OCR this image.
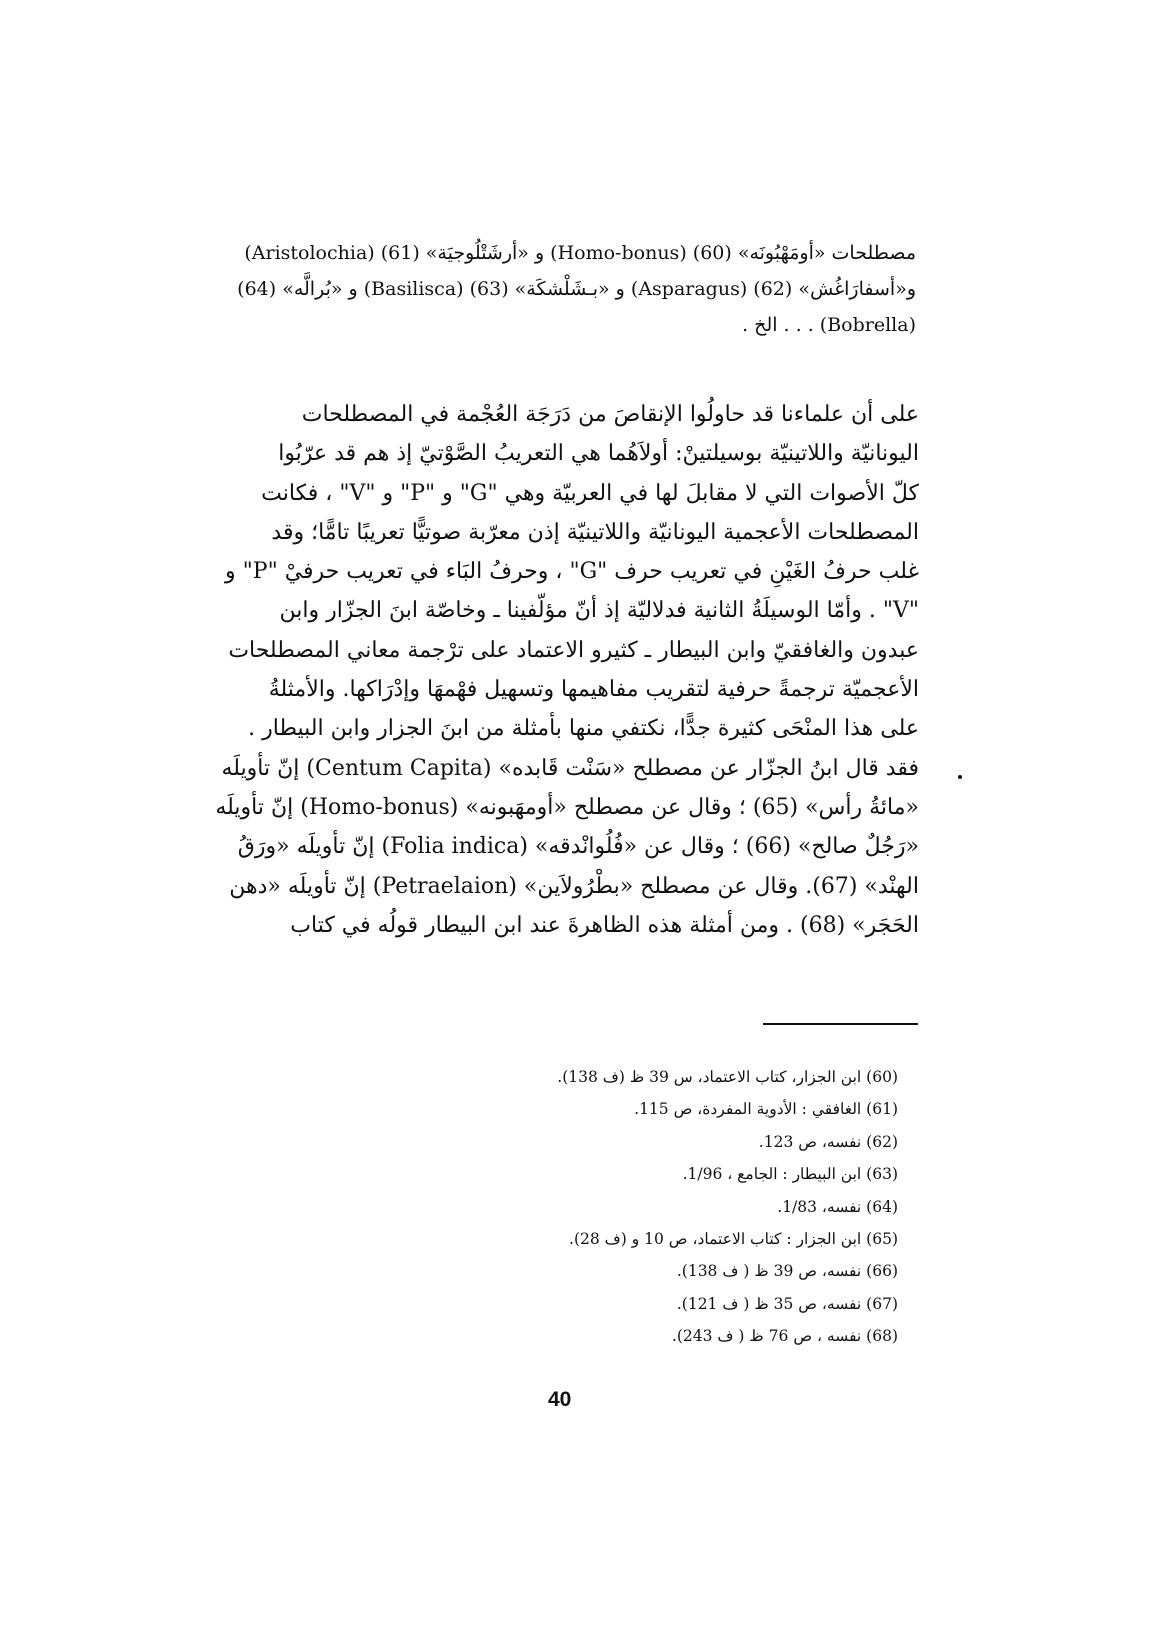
مصطلحات «أومَهْبُونَه» (60) (Homo-bonus) و «أرشَتْلُوجيَة» (61) (Aristolochia)
و«أسفارَاغُش» (62) (Asparagus) و «بـشَلْشكَة» (63) (Basilisca) و «بُرالَّه» (64)
(Bobrella) . . . الخ .
على أن علماءنا قد حاولُوا الإنقاصَ من دَرَجَة العُجْمة في المصطلحات
اليونانيّة واللاتينيّة بوسيلتينْ: أولاَهُما هي التعريبُ الصَّوْتيّ إذ هم قد عرّبُوا
كلّ الأصوات التي لا مقابلَ لها في العربيّة وهي "G" و "P" و "V" ، فكانت
المصطلحات الأعجمية اليونانيّة واللاتينيّة إذن معرّبة صوتيًّا تعريبًا تامًّا؛ وقد
غلب حرفُ الغَيْنِ في تعريب حرف "G" ، وحرفُ البَاء في تعريب حرفيْ "P" و
"V" . وأمّا الوسيلَةُ الثانية فدلاليّة إذ أنّ مؤلّفينا ـ وخاصّة ابنَ الجزّار وابن
عبدون والغافقيّ وابن البيطار ـ كثيرو الاعتماد على ترْجمة معاني المصطلحات
الأعجميّة ترجمةً حرفية لتقريب مفاهيمها وتسهيل فهْمهَا وإدْرَاكها. والأمثلةُ
على هذا المنْحَى كثيرة جدًّا، نكتفي منها بأمثلة من ابنَ الجزار وابن البيطار .
فقد قال ابنُ الجزّار عن مصطلح «سَنْت قَابده» (Centum Capita) إنّ تأويلَه
«مائةُ رأس» (65) ؛ وقال عن مصطلح «أومهَبونه» (Homo-bonus) إنّ تأويلَه
«رَجُلٌ صالح» (66) ؛ وقال عن «فُلُوانْدقه» (Folia indica) إنّ تأويلَه «ورَقُ
الهنْد» (67). وقال عن مصطلح «بطْرُولاَين» (Petraelaion) إنّ تأويلَه «دهن
الحَجَر» (68) . ومن أمثلة هذه الظاهرةَ عند ابن البيطار قولُه في كتاب
(60) ابن الجزار، كتاب الاعتماد، س 39 ظ (ف 138).
(61) الغافقي : الأدوية المفردة، ص 115.
(62) نفسه، ص 123.
(63) ابن البيطار : الجامع ، 1/96.
(64) نفسه، 1/83.
(65) ابن الجزار : كتاب الاعتماد، ص 10 و (ف 28).
(66) نفسه، ص 39 ظ ( ف 138).
(67) نفسه، ص 35 ظ ( ف 121).
(68) نفسه ، ص 76 ظ ( ف 243).
40
